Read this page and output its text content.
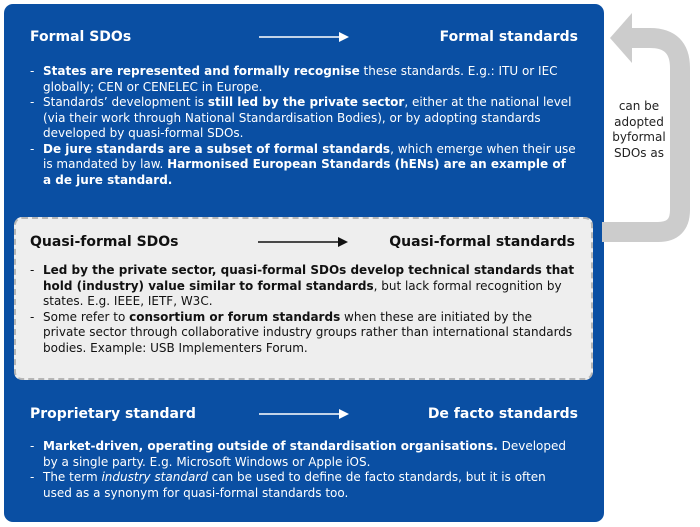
Formal SDOs	Formal standards
- States are represented and formally recognise these standards. E.g.: ITU or IEC globally; CEN or CENELEC in Europe.
- Standards’ development is still led by the private sector, either at the national level (via their work through National Standardisation Bodies), or by adopting standards developed by quasi-formal SDOs.
- De jure standards are a subset of formal standards, which emerge when their use is mandated by law. Harmonised European Standards (hENs) are an example of a de jure standard.
Quasi-formal SDOs	Quasi-formal standards
- Led by the private sector, quasi-formal SDOs develop technical standards that hold (industry) value similar to formal standards, but lack formal recognition by states. E.g. IEEE, IETF, W3C.
- Some refer to consortium or forum standards when these are initiated by the private sector through collaborative industry groups rather than international standards bodies. Example: USB Implementers Forum.
Proprietary standard	De facto standards
- Market-driven, operating outside of standardisation organisations. Developed by a single party. E.g. Microsoft Windows or Apple iOS.
- The term industry standard can be used to define de facto standards, but it is often used as a synonym for quasi-formal standards too.
can be
adopted
byformal
SDOs as
